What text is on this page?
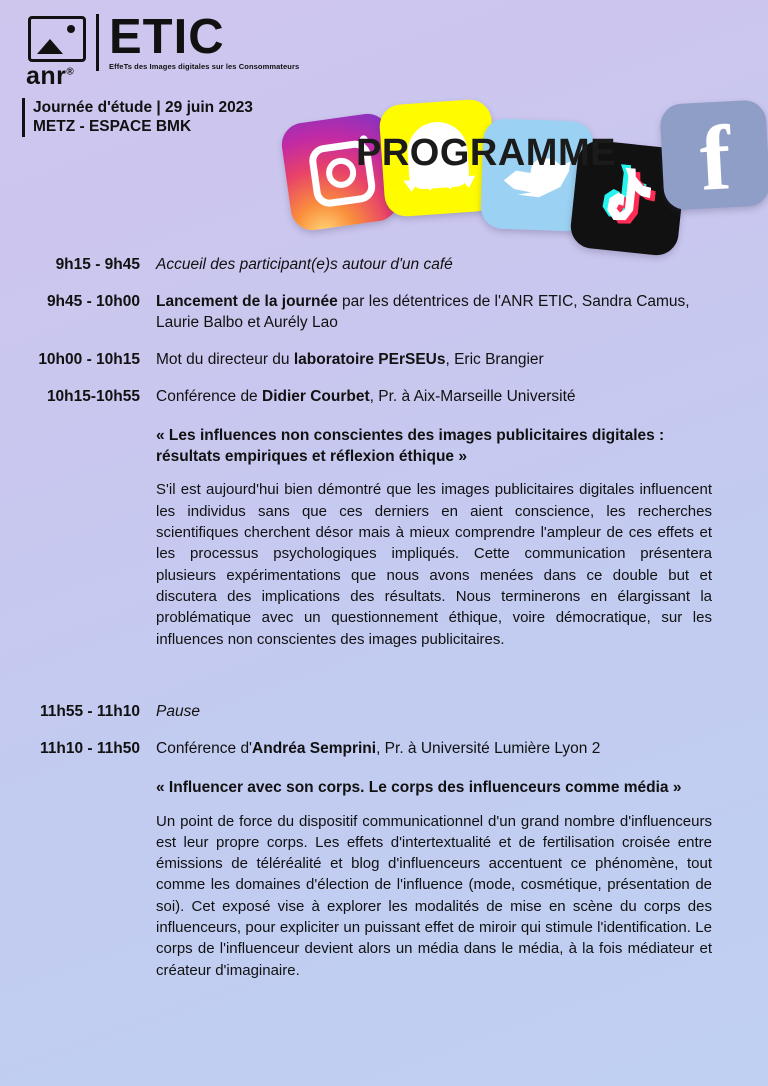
anr®
ETIC
EffeTs des Images digitales sur les Consommateurs
Journée d'étude | 29 juin 2023
METZ - ESPACE BMK	f
PROGRAMME
9h15 - 9h45	Accueil des participant(e)s autour d'un café
9h45 - 10h00	Lancement de la journée par les détentrices de l'ANR ETIC, Sandra Camus, Laurie Balbo et Aurély Lao
10h00 - 10h15	Mot du directeur du laboratoire PErSEUs, Eric Brangier
10h15-10h55	Conférence de Didier Courbet, Pr. à Aix-Marseille Université
« Les influences non conscientes des images publicitaires digitales : résultats empiriques et réflexion éthique »
S'il est aujourd'hui bien démontré que les images publicitaires digitales influencent les individus sans que ces derniers en aient conscience, les recherches scientifiques cherchent désor mais à mieux comprendre l'ampleur de ces effets et les processus psychologiques impliqués. Cette communication présentera plusieurs expérimentations que nous avons menées dans ce double but et discutera des implications des résultats. Nous terminerons en élargissant la problématique avec un questionnement éthique, voire démocratique, sur les influences non conscientes des images publicitaires.
11h55 - 11h10	Pause
11h10 - 11h50	Conférence d'Andréa Semprini, Pr. à Université Lumière Lyon 2
« Influencer avec son corps. Le corps des influenceurs comme média »
Un point de force du dispositif communicationnel d'un grand nombre d'influenceurs est leur propre corps. Les effets d'intertextualité et de fertilisation croisée entre émissions de téléréalité et blog d'influenceurs accentuent ce phénomène, tout comme les domaines d'élection de l'influence (mode, cosmétique, présentation de soi). Cet exposé vise à explorer les modalités de mise en scène du corps des influenceurs, pour expliciter un puissant effet de miroir qui stimule l'identification. Le corps de l'influenceur devient alors un média dans le média, à la fois médiateur et créateur d'imaginaire.
